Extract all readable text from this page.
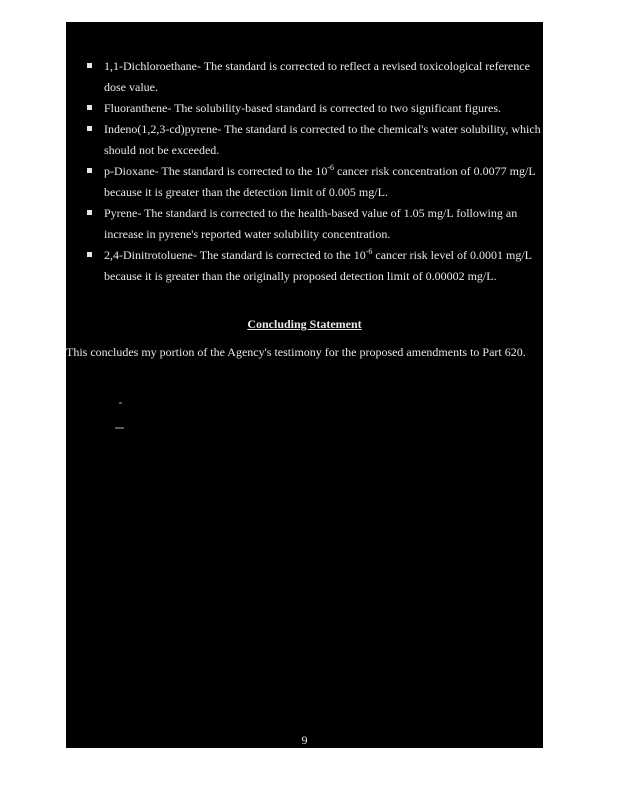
1,1-Dichloroethane- The standard is corrected to reflect a revised toxicological reference dose value.
Fluoranthene- The solubility-based standard is corrected to two significant figures.
Indeno(1,2,3-cd)pyrene- The standard is corrected to the chemical's water solubility, which should not be exceeded.
p-Dioxane- The standard is corrected to the $10^{-6}$ cancer risk concentration of 0.0077 mg/L because it is greater than the detection limit of 0.005 mg/L.
Pyrene- The standard is corrected to the health-based value of 1.05 mg/L following an increase in pyrene's reported water solubility concentration.
2,4-Dinitrotoluene- The standard is corrected to the $10^{-6}$ cancer risk level of 0.0001 mg/L because it is greater than the originally proposed detection limit of 0.00002 mg/L.
Concluding Statement
This concludes my portion of the Agency's testimony for the proposed amendments to Part 620.
9
